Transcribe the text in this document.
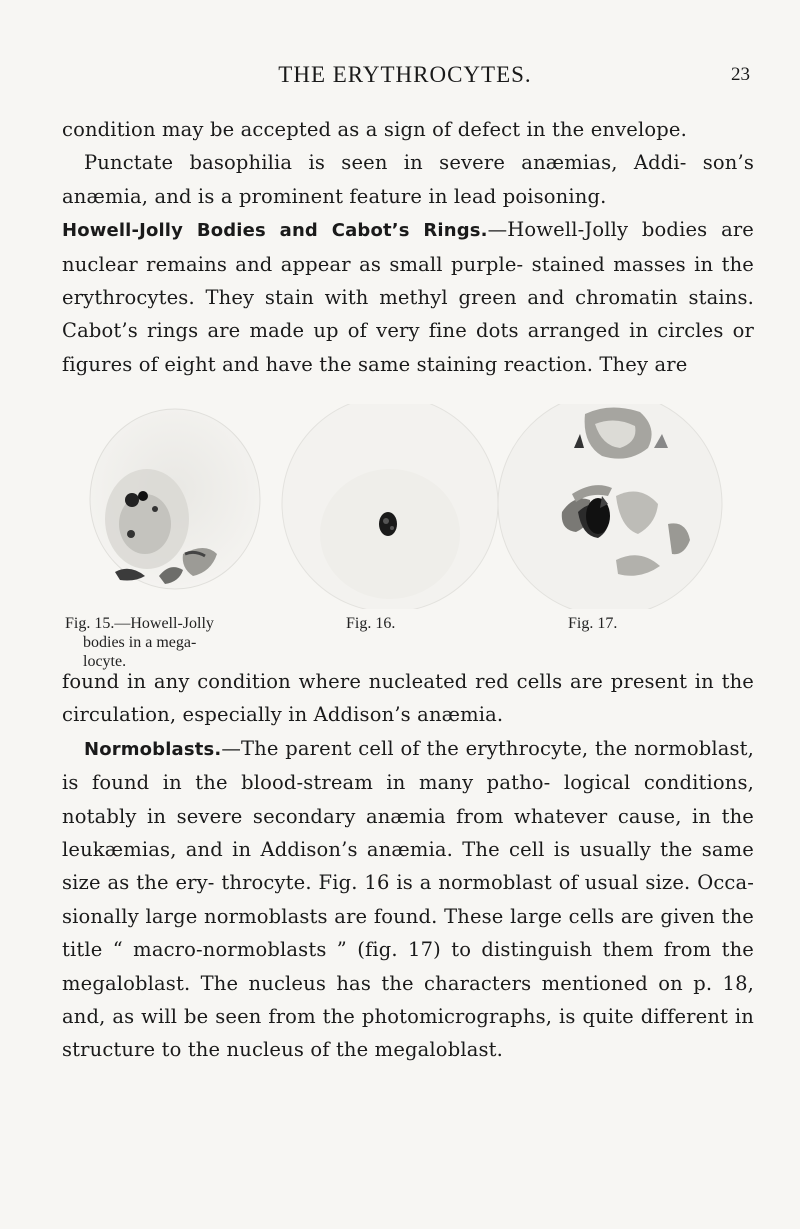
THE ERYTHROCYTES.	23

condition may be accepted as a sign of defect in the envelope.

Punctate basophilia is seen in severe anæmias, Addi- son’s anæmia, and is a prominent feature in lead poisoning.

Howell-Jolly Bodies and Cabot’s Rings.—Howell-Jolly bodies are nuclear remains and appear as small purple- stained masses in the erythrocytes. They stain with methyl green and chromatin stains. Cabot’s rings are made up of very fine dots arranged in circles or figures of eight and have the same staining reaction. They are

Fig. 15.—Howell-Jolly
bodies in a mega-
locyte.
Fig. 16.	Fig. 17.

found in any condition where nucleated red cells are present in the circulation, especially in Addison’s anæmia.

Normoblasts.—The parent cell of the erythrocyte, the normoblast, is found in the blood-stream in many patho- logical conditions, notably in severe secondary anæmia from whatever cause, in the leukæmias, and in Addison’s anæmia. The cell is usually the same size as the ery- throcyte. Fig. 16 is a normoblast of usual size. Occa- sionally large normoblasts are found. These large cells are given the title “ macro-normoblasts ” (fig. 17) to distinguish them from the megaloblast. The nucleus has the characters mentioned on p. 18, and, as will be seen from the photomicrographs, is quite different in structure to the nucleus of the megaloblast.
